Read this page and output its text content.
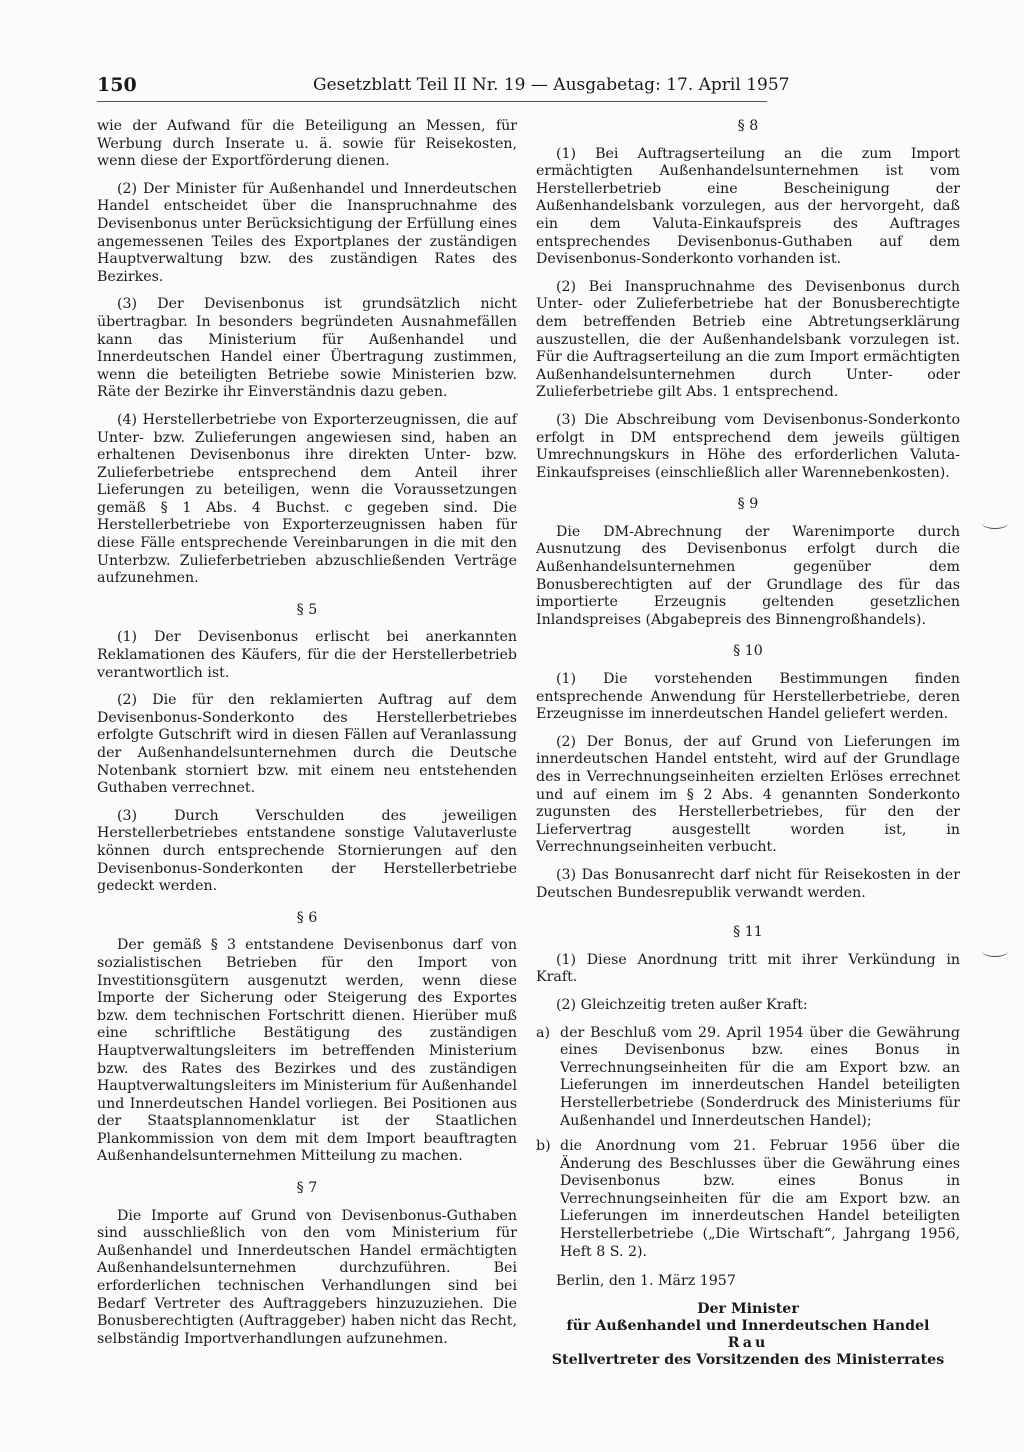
150	Gesetzblatt Teil II Nr. 19 — Ausgabetag: 17. April 1957

wie der Aufwand für die Beteiligung an Messen, für Werbung durch Inserate u. ä. sowie für Reisekosten, wenn diese der Exportförderung dienen.

(2) Der Minister für Außenhandel und Innerdeutschen Handel entscheidet über die Inanspruchnahme des Devisenbonus unter Berücksichtigung der Erfüllung eines angemessenen Teiles des Exportplanes der zuständigen Hauptverwaltung bzw. des zuständigen Rates des Bezirkes.

(3) Der Devisenbonus ist grundsätzlich nicht übertragbar. In besonders begründeten Ausnahmefällen kann das Ministerium für Außenhandel und Innerdeutschen Handel einer Übertragung zustimmen, wenn die beteiligten Betriebe sowie Ministerien bzw. Räte der Bezirke ihr Einverständnis dazu geben.

(4) Herstellerbetriebe von Exporterzeugnissen, die auf Unter- bzw. Zulieferungen angewiesen sind, haben an erhaltenen Devisenbonus ihre direkten Unter- bzw. Zulieferbetriebe entsprechend dem Anteil ihrer Lieferungen zu beteiligen, wenn die Voraussetzungen gemäß § 1 Abs. 4 Buchst. c gegeben sind. Die Herstellerbetriebe von Exporterzeugnissen haben für diese Fälle entsprechende Vereinbarungen in die mit den Unterbzw. Zulieferbetrieben abzuschließenden Verträge aufzunehmen.

§ 5

(1) Der Devisenbonus erlischt bei anerkannten Reklamationen des Käufers, für die der Herstellerbetrieb verantwortlich ist.

(2) Die für den reklamierten Auftrag auf dem Devisenbonus-Sonderkonto des Herstellerbetriebes erfolgte Gutschrift wird in diesen Fällen auf Veranlassung der Außenhandelsunternehmen durch die Deutsche Notenbank storniert bzw. mit einem neu entstehenden Guthaben verrechnet.

(3) Durch Verschulden des jeweiligen Herstellerbetriebes entstandene sonstige Valutaverluste können durch entsprechende Stornierungen auf den Devisenbonus-Sonderkonten der Herstellerbetriebe gedeckt werden.

§ 6

Der gemäß § 3 entstandene Devisenbonus darf von sozialistischen Betrieben für den Import von Investitionsgütern ausgenutzt werden, wenn diese Importe der Sicherung oder Steigerung des Exportes bzw. dem technischen Fortschritt dienen. Hierüber muß eine schriftliche Bestätigung des zuständigen Hauptverwaltungsleiters im betreffenden Ministerium bzw. des Rates des Bezirkes und des zuständigen Hauptverwaltungsleiters im Ministerium für Außenhandel und Innerdeutschen Handel vorliegen. Bei Positionen aus der Staatsplannomenklatur ist der Staatlichen Plankommission von dem mit dem Import beauftragten Außenhandelsunternehmen Mitteilung zu machen.

§ 7

Die Importe auf Grund von Devisenbonus-Guthaben sind ausschließlich von den vom Ministerium für Außenhandel und Innerdeutschen Handel ermächtigten Außenhandelsunternehmen durchzuführen. Bei erforderlichen technischen Verhandlungen sind bei Bedarf Vertreter des Auftraggebers hinzuzuziehen. Die Bonusberechtigten (Auftraggeber) haben nicht das Recht, selbständig Importverhandlungen aufzunehmen.

§ 8

(1) Bei Auftragserteilung an die zum Import ermächtigten Außenhandelsunternehmen ist vom Herstellerbetrieb eine Bescheinigung der Außenhandelsbank vorzulegen, aus der hervorgeht, daß ein dem Valuta-Einkaufspreis des Auftrages entsprechendes Devisenbonus-Guthaben auf dem Devisenbonus-Sonderkonto vorhanden ist.

(2) Bei Inanspruchnahme des Devisenbonus durch Unter- oder Zulieferbetriebe hat der Bonusberechtigte dem betreffenden Betrieb eine Abtretungserklärung auszustellen, die der Außenhandelsbank vorzulegen ist. Für die Auftragserteilung an die zum Import ermächtigten Außenhandelsunternehmen durch Unter- oder Zulieferbetriebe gilt Abs. 1 entsprechend.

(3) Die Abschreibung vom Devisenbonus-Sonderkonto erfolgt in DM entsprechend dem jeweils gültigen Umrechnungskurs in Höhe des erforderlichen Valuta-Einkaufspreises (einschließlich aller Warennebenkosten).

§ 9

Die DM-Abrechnung der Warenimporte durch Ausnutzung des Devisenbonus erfolgt durch die Außenhandelsunternehmen gegenüber dem Bonusberechtigten auf der Grundlage des für das importierte Erzeugnis geltenden gesetzlichen Inlandspreises (Abgabepreis des Binnengroßhandels).

§ 10

(1) Die vorstehenden Bestimmungen finden entsprechende Anwendung für Herstellerbetriebe, deren Erzeugnisse im innerdeutschen Handel geliefert werden.

(2) Der Bonus, der auf Grund von Lieferungen im innerdeutschen Handel entsteht, wird auf der Grundlage des in Verrechnungseinheiten erzielten Erlöses errechnet und auf einem im § 2 Abs. 4 genannten Sonderkonto zugunsten des Herstellerbetriebes, für den der Liefervertrag ausgestellt worden ist, in Verrechnungseinheiten verbucht.

(3) Das Bonusanrecht darf nicht für Reisekosten in der Deutschen Bundesrepublik verwandt werden.

§ 11

(1) Diese Anordnung tritt mit ihrer Verkündung in Kraft.

(2) Gleichzeitig treten außer Kraft:

a) der Beschluß vom 29. April 1954 über die Gewährung eines Devisenbonus bzw. eines Bonus in Verrechnungseinheiten für die am Export bzw. an Lieferungen im innerdeutschen Handel beteiligten Herstellerbetriebe (Sonderdruck des Ministeriums für Außenhandel und Innerdeutschen Handel);
b) die Anordnung vom 21. Februar 1956 über die Änderung des Beschlusses über die Gewährung eines Devisenbonus bzw. eines Bonus in Verrechnungseinheiten für die am Export bzw. an Lieferungen im innerdeutschen Handel beteiligten Herstellerbetriebe („Die Wirtschaft“, Jahrgang 1956, Heft 8 S. 2).

Berlin, den 1. März 1957

Der Minister

für Außenhandel und Innerdeutschen Handel

Rau

Stellvertreter des Vorsitzenden des Ministerrates
